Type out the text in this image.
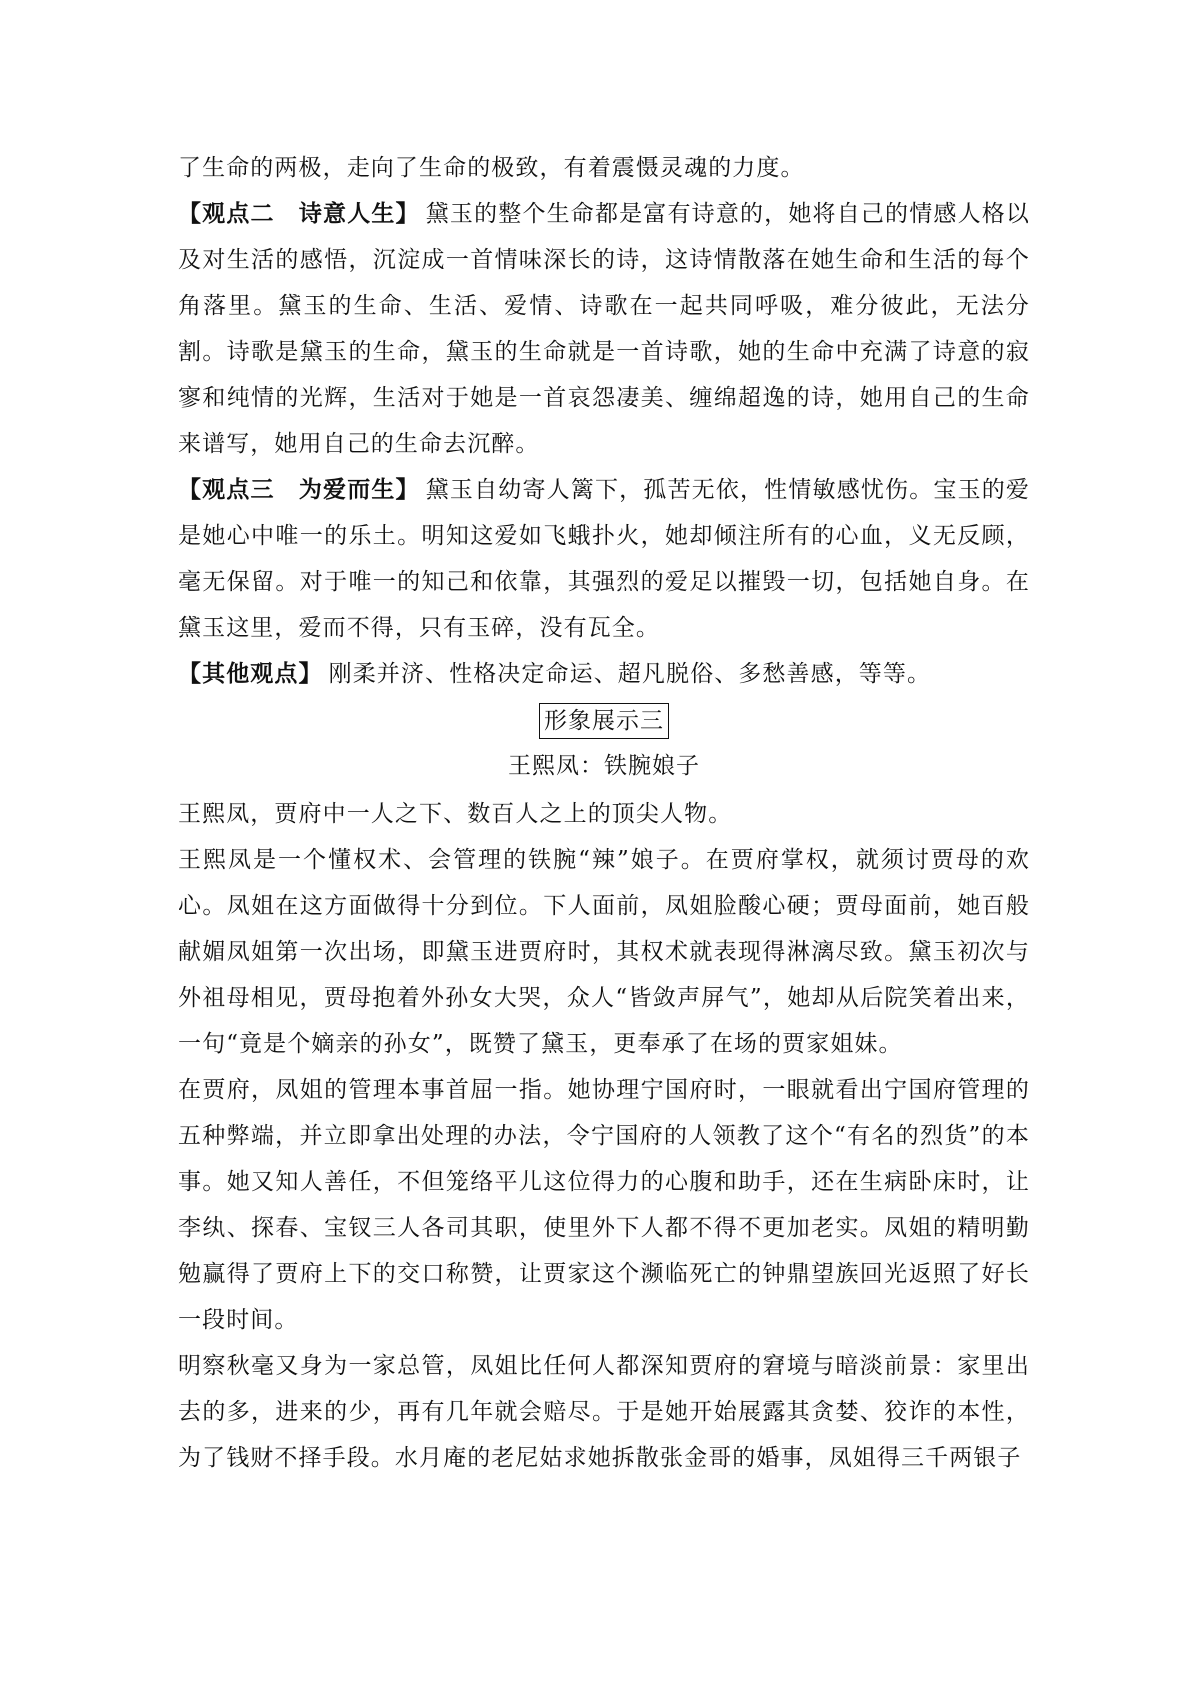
了生命的两极，走向了生命的极致，有着震慑灵魂的力度。

【观点二　诗意人生】 黛玉的整个生命都是富有诗意的，她将自己的情感人格以及对生活的感悟，沉淀成一首情味深长的诗，这诗情散落在她生命和生活的每个角落里。黛玉的生命、生活、爱情、诗歌在一起共同呼吸，难分彼此，无法分割。诗歌是黛玉的生命，黛玉的生命就是一首诗歌，她的生命中充满了诗意的寂寥和纯情的光辉，生活对于她是一首哀怨凄美、缠绵超逸的诗，她用自己的生命来谱写，她用自己的生命去沉醉。

【观点三　为爱而生】 黛玉自幼寄人篱下，孤苦无依，性情敏感忧伤。宝玉的爱是她心中唯一的乐土。明知这爱如飞蛾扑火，她却倾注所有的心血，义无反顾，毫无保留。对于唯一的知己和依靠，其强烈的爱足以摧毁一切，包括她自身。在黛玉这里，爱而不得，只有玉碎，没有瓦全。

【其他观点】 刚柔并济、性格决定命运、超凡脱俗、多愁善感，等等。

形象展示三
王熙凤：铁腕娘子

王熙凤，贾府中一人之下、数百人之上的顶尖人物。

王熙凤是一个懂权术、会管理的铁腕“辣”娘子。在贾府掌权，就须讨贾母的欢心。凤姐在这方面做得十分到位。下人面前，凤姐脸酸心硬；贾母面前，她百般献媚凤姐第一次出场，即黛玉进贾府时，其权术就表现得淋漓尽致。黛玉初次与外祖母相见，贾母抱着外孙女大哭，众人“皆敛声屏气”，她却从后院笑着出来，一句“竟是个嫡亲的孙女”，既赞了黛玉，更奉承了在场的贾家姐妹。

在贾府，凤姐的管理本事首屈一指。她协理宁国府时，一眼就看出宁国府管理的五种弊端，并立即拿出处理的办法，令宁国府的人领教了这个“有名的烈货”的本事。她又知人善任，不但笼络平儿这位得力的心腹和助手，还在生病卧床时，让李纨、探春、宝钗三人各司其职，使里外下人都不得不更加老实。凤姐的精明勤勉赢得了贾府上下的交口称赞，让贾家这个濒临死亡的钟鼎望族回光返照了好长一段时间。

明察秋毫又身为一家总管，凤姐比任何人都深知贾府的窘境与暗淡前景：家里出去的多，进来的少，再有几年就会赔尽。于是她开始展露其贪婪、狡诈的本性，为了钱财不择手段。水月庵的老尼姑求她拆散张金哥的婚事，凤姐得三千两银子
